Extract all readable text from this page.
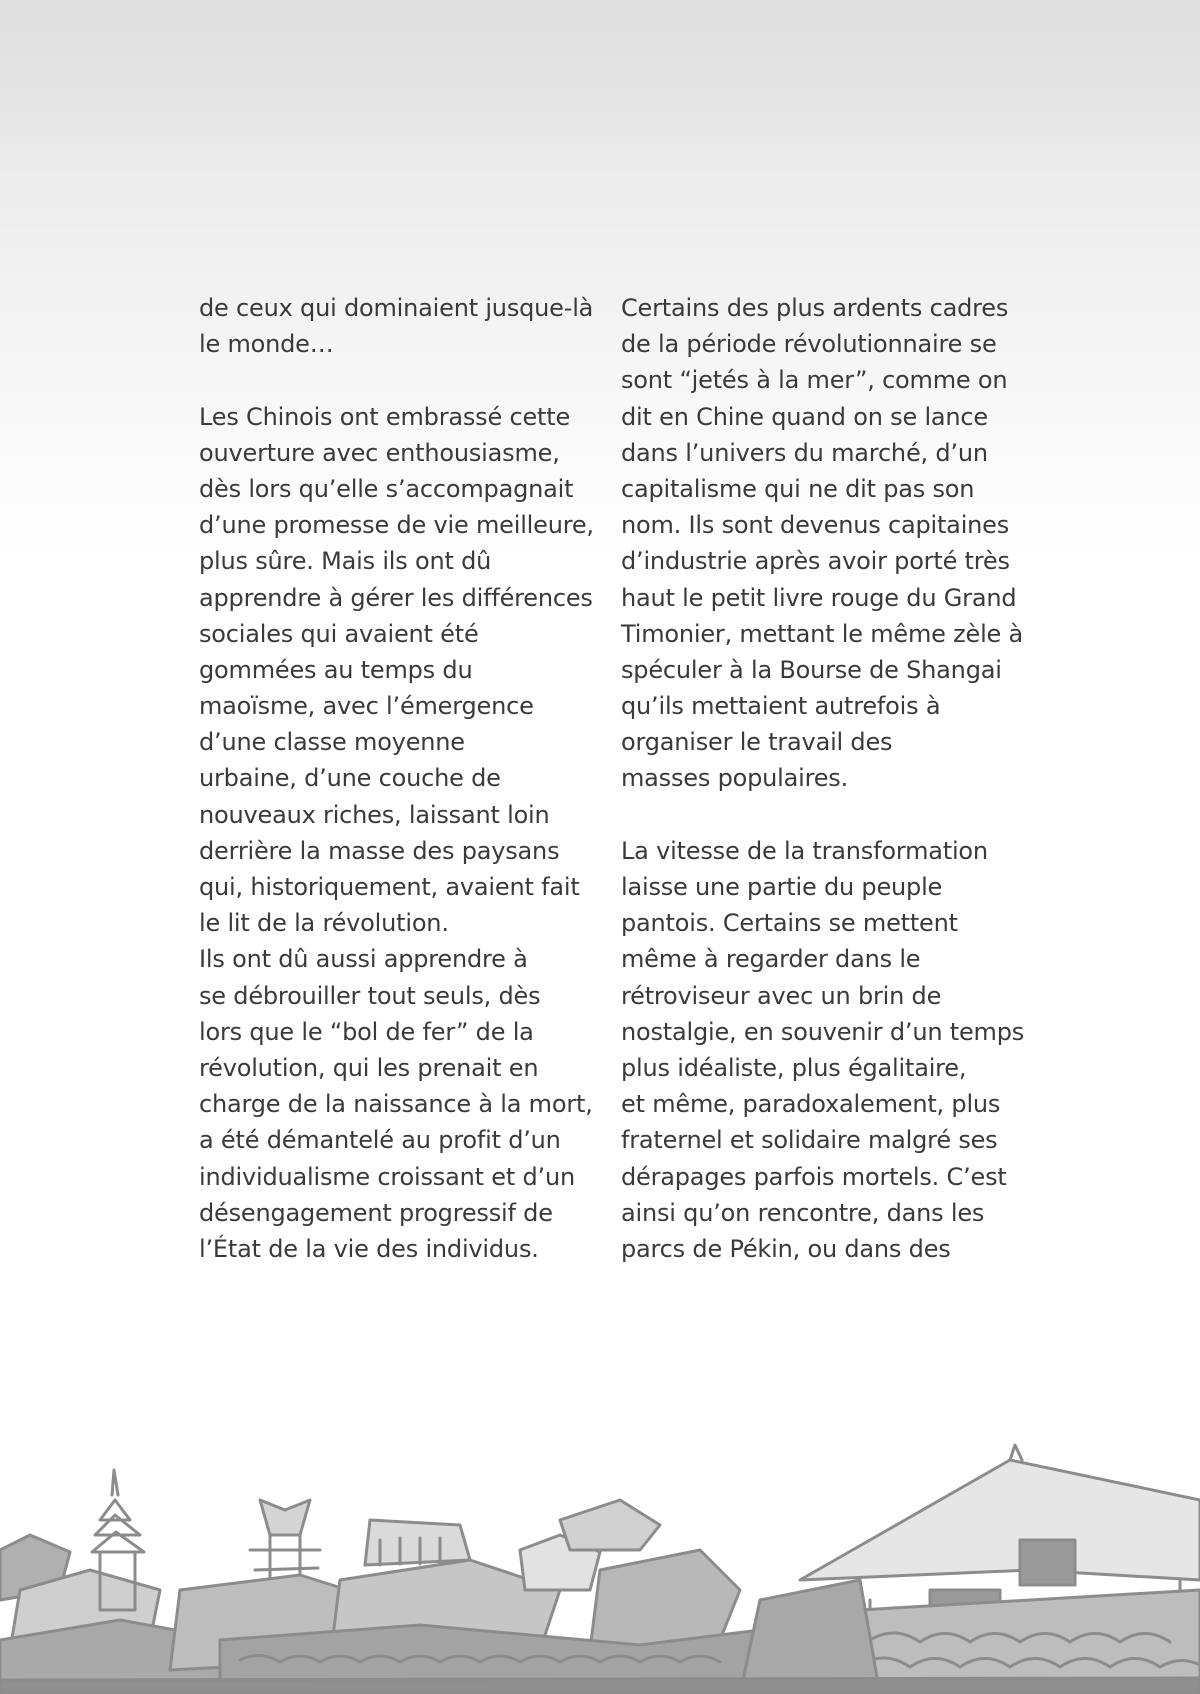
de ceux qui dominaient jusque-là
le monde…
Les Chinois ont embrassé cette
ouverture avec enthousiasme,
dès lors qu’elle s’accompagnait
d’une promesse de vie meilleure,
plus sûre. Mais ils ont dû
apprendre à gérer les différences
sociales qui avaient été
gommées au temps du
maoïsme, avec l’émergence
d’une classe moyenne
urbaine, d’une couche de
nouveaux riches, laissant loin
derrière la masse des paysans
qui, historiquement, avaient fait
le lit de la révolution.
Ils ont dû aussi apprendre à
se débrouiller tout seuls, dès
lors que le “bol de fer” de la
révolution, qui les prenait en
charge de la naissance à la mort,
a été démantelé au profit d’un
individualisme croissant et d’un
désengagement progressif de
l’État de la vie des individus.
Certains des plus ardents cadres
de la période révolutionnaire se
sont “jetés à la mer”, comme on
dit en Chine quand on se lance
dans l’univers du marché, d’un
capitalisme qui ne dit pas son
nom. Ils sont devenus capitaines
d’industrie après avoir porté très
haut le petit livre rouge du Grand
Timonier, mettant le même zèle à
spéculer à la Bourse de Shangai
qu’ils mettaient autrefois à
organiser le travail des
masses populaires.
La vitesse de la transformation
laisse une partie du peuple
pantois. Certains se mettent
même à regarder dans le
rétroviseur avec un brin de
nostalgie, en souvenir d’un temps
plus idéaliste, plus égalitaire,
et même, paradoxalement, plus
fraternel et solidaire malgré ses
dérapages parfois mortels. C’est
ainsi qu’on rencontre, dans les
parcs de Pékin, ou dans des
